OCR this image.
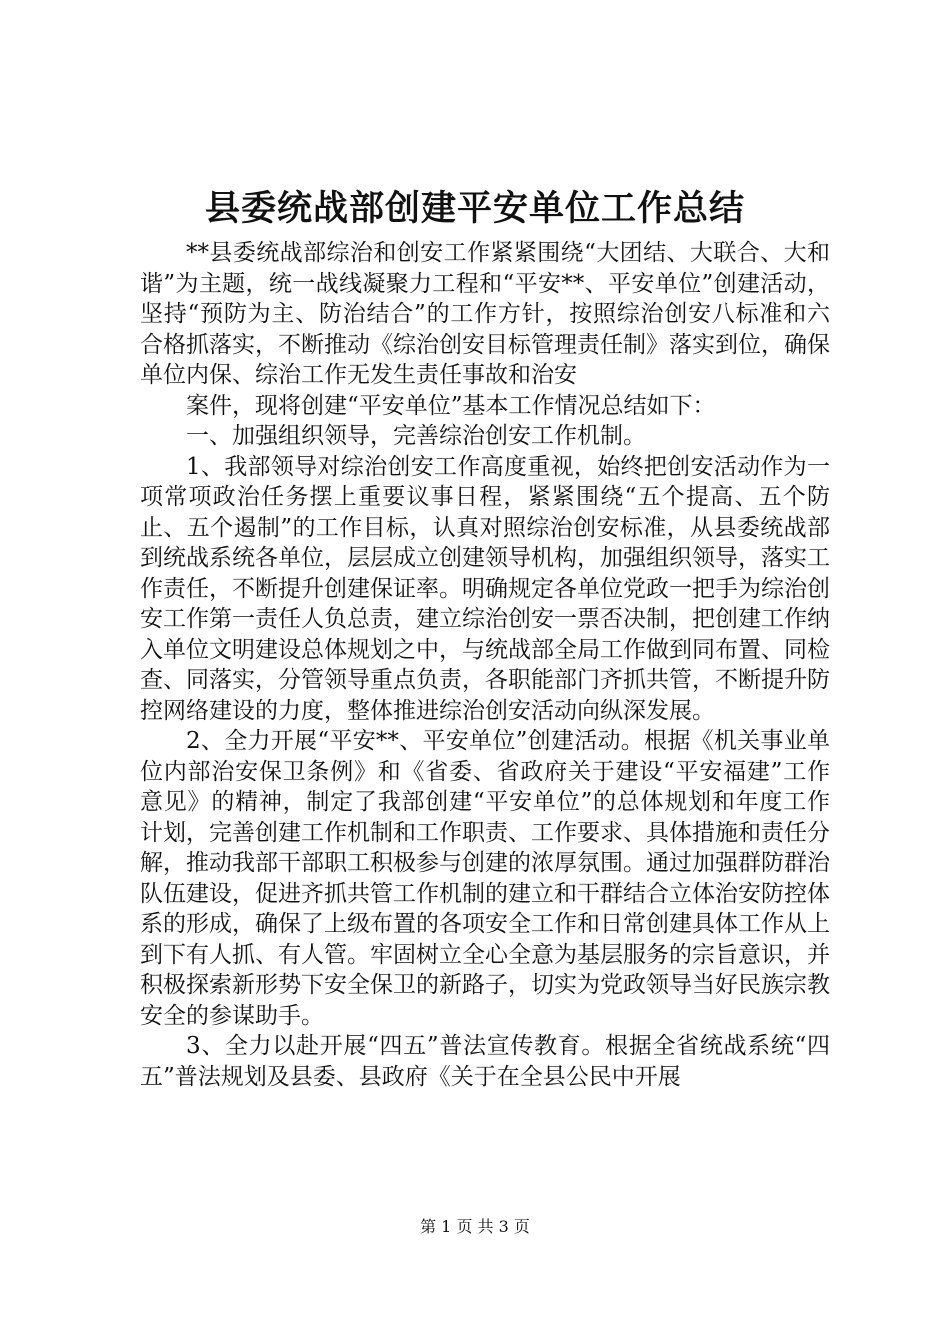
县委统战部创建平安单位工作总结

**县委统战部综治和创安工作紧紧围绕“大团结、大联合、大和谐”为主题，统一战线凝聚力工程和“平安**、平安单位”创建活动，坚持“预防为主、防治结合”的工作方针，按照综治创安八标准和六合格抓落实，不断推动《综治创安目标管理责任制》落实到位，确保单位内保、综治工作无发生责任事故和治安

案件，现将创建“平安单位”基本工作情况总结如下：

一、加强组织领导，完善综治创安工作机制。

1、我部领导对综治创安工作高度重视，始终把创安活动作为一项常项政治任务摆上重要议事日程，紧紧围绕“五个提高、五个防止、五个遏制”的工作目标，认真对照综治创安标准，从县委统战部到统战系统各单位，层层成立创建领导机构，加强组织领导，落实工作责任，不断提升创建保证率。明确规定各单位党政一把手为综治创安工作第一责任人负总责，建立综治创安一票否决制，把创建工作纳入单位文明建设总体规划之中，与统战部全局工作做到同布置、同检查、同落实，分管领导重点负责，各职能部门齐抓共管，不断提升防控网络建设的力度，整体推进综治创安活动向纵深发展。

2、全力开展“平安**、平安单位”创建活动。根据《机关事业单位内部治安保卫条例》和《省委、省政府关于建设“平安福建”工作意见》的精神，制定了我部创建“平安单位”的总体规划和年度工作计划，完善创建工作机制和工作职责、工作要求、具体措施和责任分解，推动我部干部职工积极参与创建的浓厚氛围。通过加强群防群治队伍建设，促进齐抓共管工作机制的建立和干群结合立体治安防控体系的形成，确保了上级布置的各项安全工作和日常创建具体工作从上到下有人抓、有人管。牢固树立全心全意为基层服务的宗旨意识，并积极探索新形势下安全保卫的新路子，切实为党政领导当好民族宗教安全的参谋助手。

3、全力以赴开展“四五”普法宣传教育。根据全省统战系统“四五”普法规划及县委、县政府《关于在全县公民中开展

第 1 页 共 3 页
